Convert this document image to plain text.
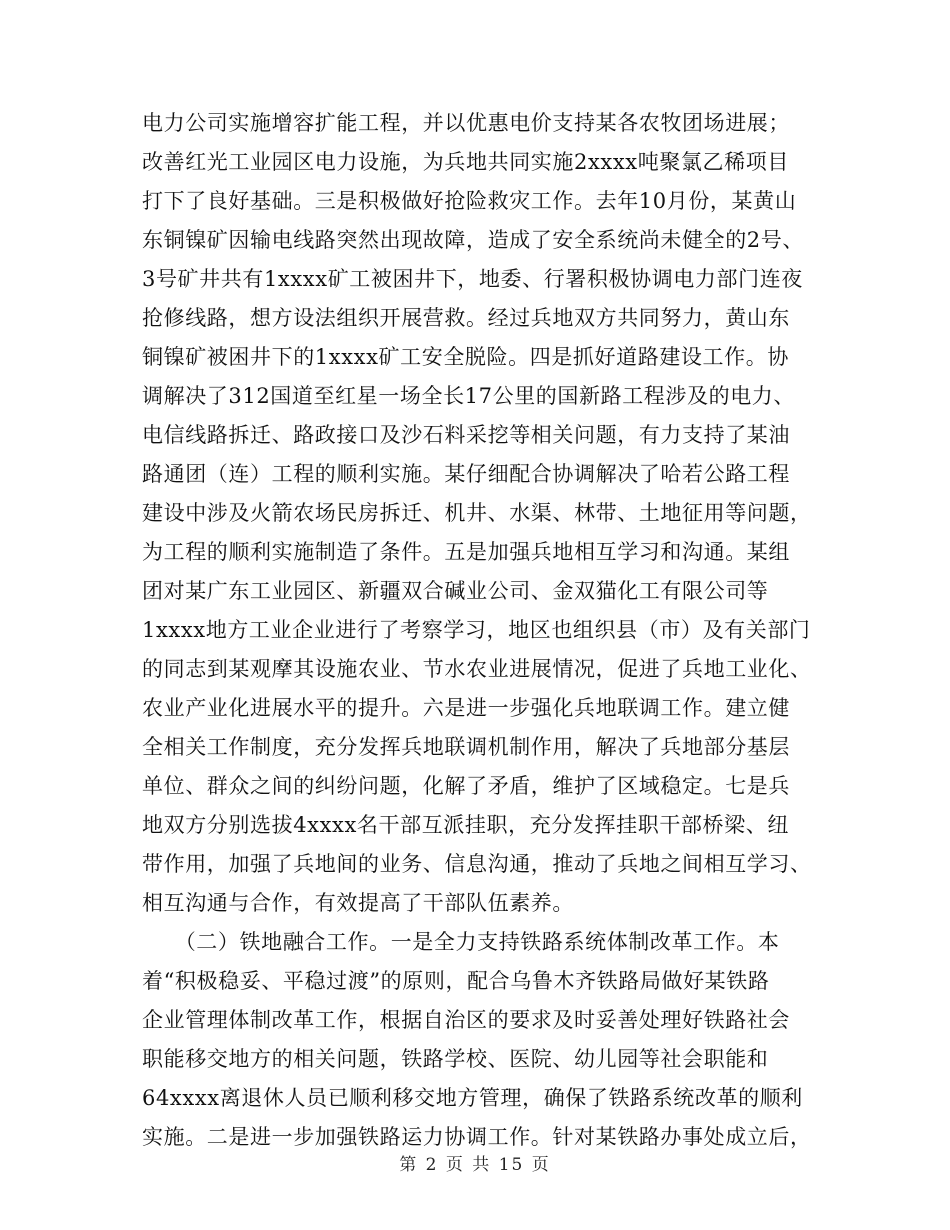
电力公司实施增容扩能工程，并以优惠电价支持某各农牧团场进展；
改善红光工业园区电力设施，为兵地共同实施2xxxx吨聚氯乙稀项目
打下了良好基础。三是积极做好抢险救灾工作。去年10月份，某黄山
东铜镍矿因输电线路突然出现故障，造成了安全系统尚未健全的2号、
3号矿井共有1xxxx矿工被困井下，地委、行署积极协调电力部门连夜
抢修线路，想方设法组织开展营救。经过兵地双方共同努力，黄山东
铜镍矿被困井下的1xxxx矿工安全脱险。四是抓好道路建设工作。协
调解决了312国道至红星一场全长17公里的国新路工程涉及的电力、
电信线路拆迁、路政接口及沙石料采挖等相关问题，有力支持了某油
路通团（连）工程的顺利实施。某仔细配合协调解决了哈若公路工程
建设中涉及火箭农场民房拆迁、机井、水渠、林带、土地征用等问题，
为工程的顺利实施制造了条件。五是加强兵地相互学习和沟通。某组
团对某广东工业园区、新疆双合碱业公司、金双猫化工有限公司等
1xxxx地方工业企业进行了考察学习，地区也组织县（市）及有关部门
的同志到某观摩其设施农业、节水农业进展情况，促进了兵地工业化、
农业产业化进展水平的提升。六是进一步强化兵地联调工作。建立健
全相关工作制度，充分发挥兵地联调机制作用，解决了兵地部分基层
单位、群众之间的纠纷问题，化解了矛盾，维护了区域稳定。七是兵
地双方分别选拔4xxxx名干部互派挂职，充分发挥挂职干部桥梁、纽
带作用，加强了兵地间的业务、信息沟通，推动了兵地之间相互学习、
相互沟通与合作，有效提高了干部队伍素养。
　　（二）铁地融合工作。一是全力支持铁路系统体制改革工作。本
着“积极稳妥、平稳过渡”的原则，配合乌鲁木齐铁路局做好某铁路
企业管理体制改革工作，根据自治区的要求及时妥善处理好铁路社会
职能移交地方的相关问题，铁路学校、医院、幼儿园等社会职能和
64xxxx离退休人员已顺利移交地方管理，确保了铁路系统改革的顺利
实施。二是进一步加强铁路运力协调工作。针对某铁路办事处成立后，
第 2 页 共 15 页
